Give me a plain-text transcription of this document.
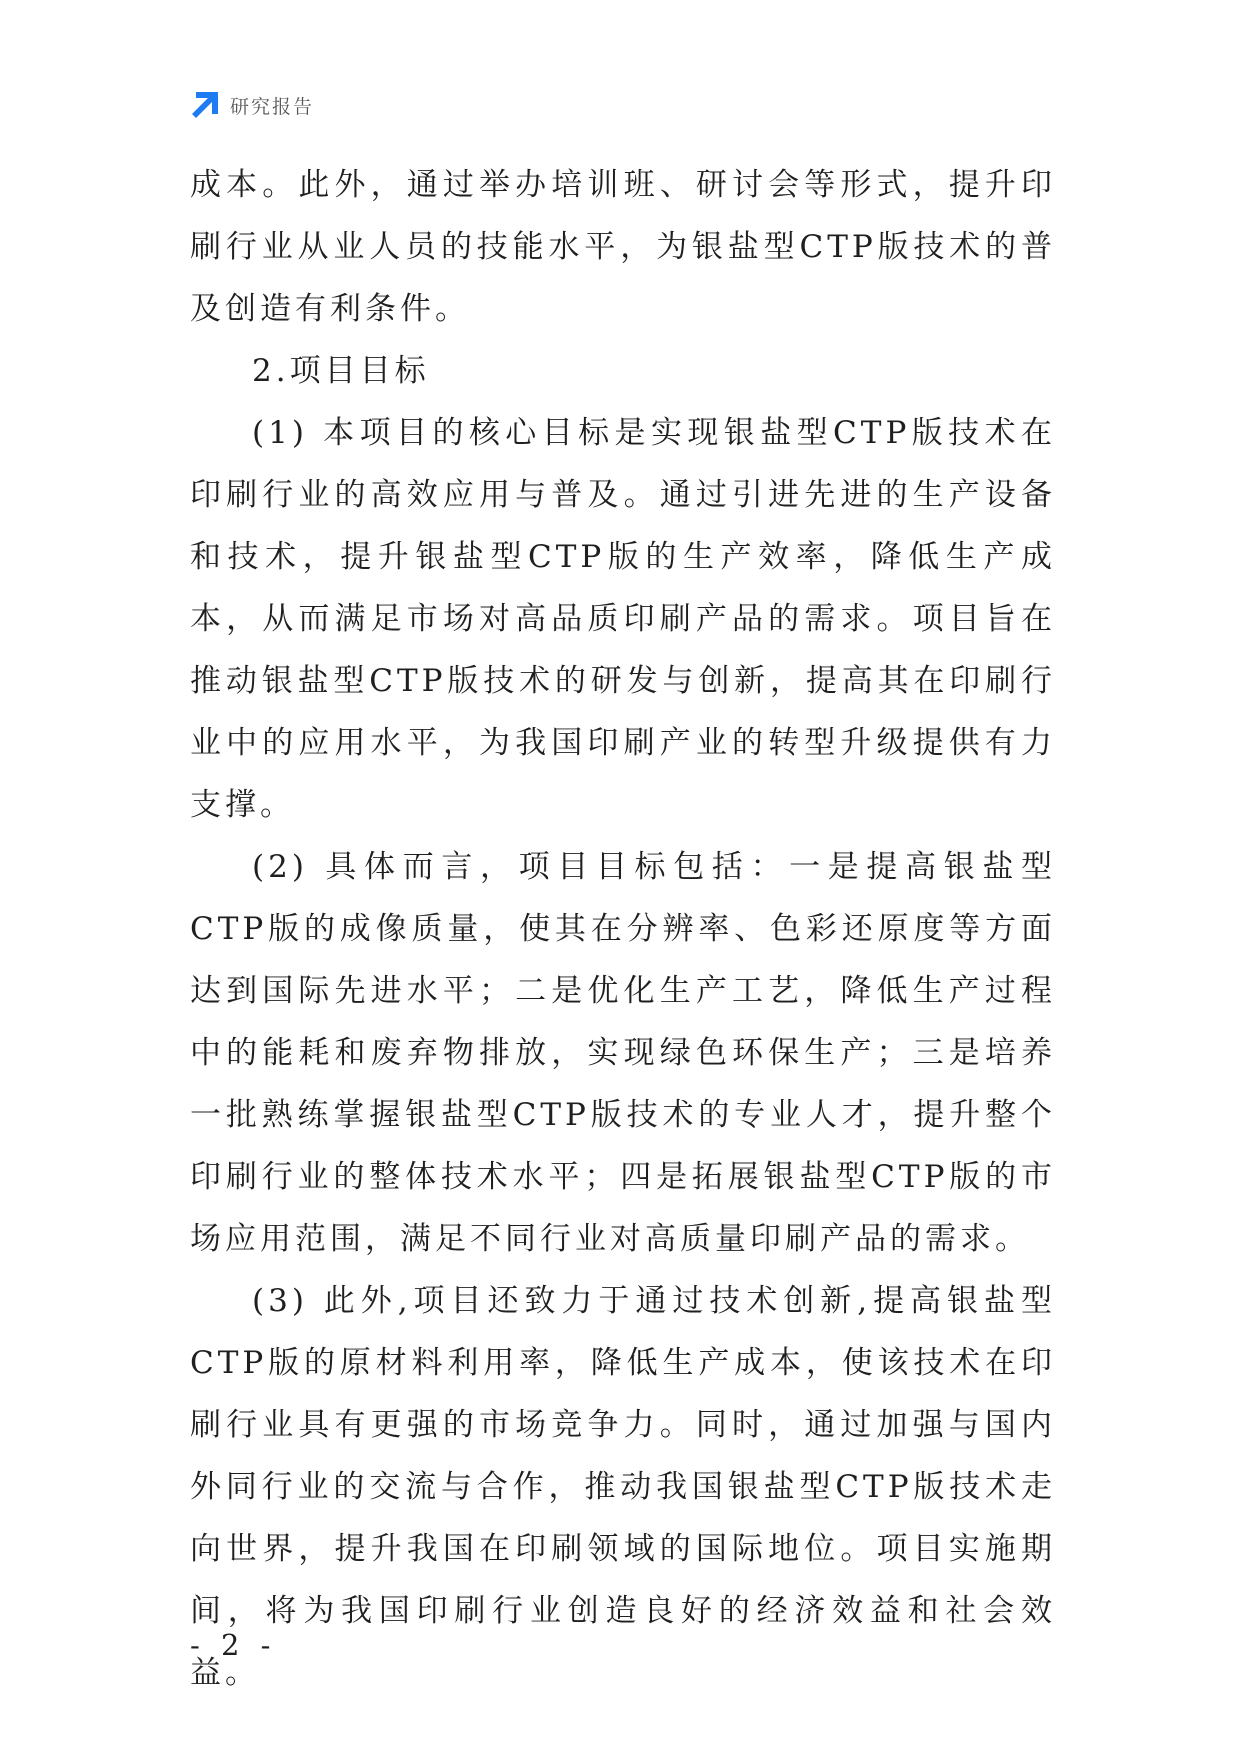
研究报告

成本。此外，通过举办培训班、研讨会等形式，提升印刷行业从业人员的技能水平，为银盐型CTP版技术的普及创造有利条件。

2.项目目标

(1) 本项目的核心目标是实现银盐型CTP版技术在印刷行业的高效应用与普及。通过引进先进的生产设备和技术，提升银盐型CTP版的生产效率，降低生产成本，从而满足市场对高品质印刷产品的需求。项目旨在推动银盐型CTP版技术的研发与创新，提高其在印刷行业中的应用水平，为我国印刷产业的转型升级提供有力支撑。

(2) 具体而言，项目目标包括：一是提高银盐型CTP版的成像质量，使其在分辨率、色彩还原度等方面达到国际先进水平；二是优化生产工艺，降低生产过程中的能耗和废弃物排放，实现绿色环保生产；三是培养一批熟练掌握银盐型CTP版技术的专业人才，提升整个印刷行业的整体技术水平；四是拓展银盐型CTP版的市场应用范围，满足不同行业对高质量印刷产品的需求。

(3) 此外,项目还致力于通过技术创新,提高银盐型CTP版的原材料利用率，降低生产成本，使该技术在印刷行业具有更强的市场竞争力。同时，通过加强与国内外同行业的交流与合作，推动我国银盐型CTP版技术走向世界，提升我国在印刷领域的国际地位。项目实施期间，将为我国印刷行业创造良好的经济效益和社会效益。

- 2 -
